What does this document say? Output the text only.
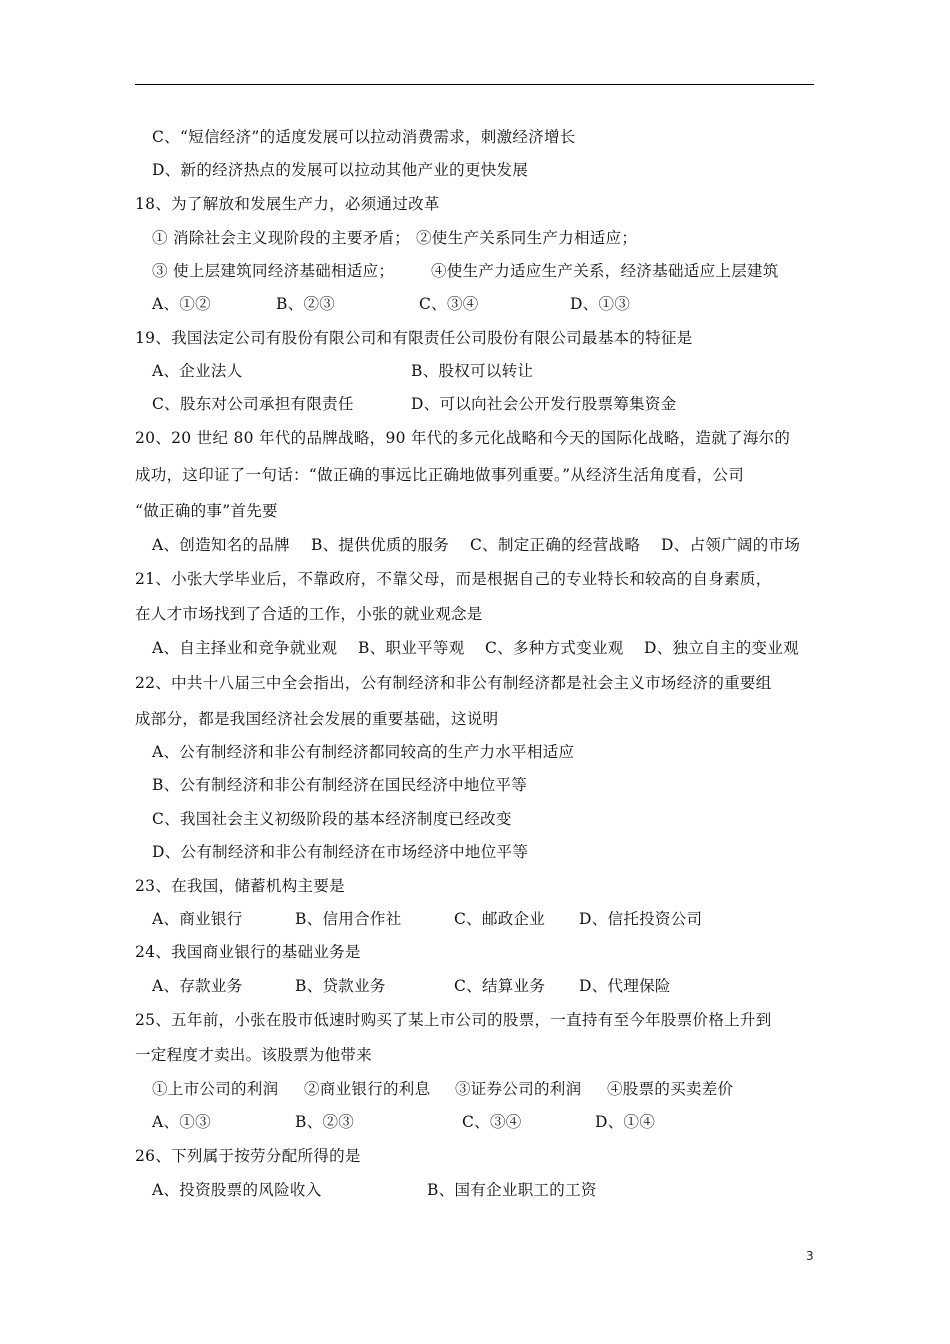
C、“短信经济”的适度发展可以拉动消费需求，刺激经济增长
D、新的经济热点的发展可以拉动其他产业的更快发展
18、为了解放和发展生产力，必须通过改革
① 消除社会主义现阶段的主要矛盾； ②使生产关系同生产力相适应；
③ 使上层建筑同经济基础相适应； ④使生产力适应生产关系，经济基础适应上层建筑
A、①②	B、②③	C、③④	D、①③
19、我国法定公司有股份有限公司和有限责任公司股份有限公司最基本的特征是
A、企业法人	B、股权可以转让
C、股东对公司承担有限责任	D、可以向社会公开发行股票筹集资金
20、20 世纪 80 年代的品牌战略，90 年代的多元化战略和今天的国际化战略，造就了海尔的
成功，这印证了一句话：“做正确的事远比正确地做事列重要。”从经济生活角度看，公司
“做正确的事”首先要
A、创造知名的品牌 B、提供优质的服务 C、制定正确的经营战略 D、占领广阔的市场
21、小张大学毕业后，不靠政府，不靠父母，而是根据自己的专业特长和较高的自身素质，
在人才市场找到了合适的工作，小张的就业观念是
A、自主择业和竞争就业观 B、职业平等观 C、多种方式变业观 D、独立自主的变业观
22、中共十八届三中全会指出，公有制经济和非公有制经济都是社会主义市场经济的重要组
成部分，都是我国经济社会发展的重要基础，这说明
A、公有制经济和非公有制经济都同较高的生产力水平相适应
B、公有制经济和非公有制经济在国民经济中地位平等
C、我国社会主义初级阶段的基本经济制度已经改变
D、公有制经济和非公有制经济在市场经济中地位平等
23、在我国，储蓄机构主要是
A、商业银行	B、信用合作社	C、邮政企业 D、信托投资公司
24、我国商业银行的基础业务是
A、存款业务	B、贷款业务	C、结算业务 D、代理保险
25、五年前，小张在股市低速时购买了某上市公司的股票，一直持有至今年股票价格上升到
一定程度才卖出。该股票为他带来
①上市公司的利润 ②商业银行的利息 ③证券公司的利润 ④股票的买卖差价
A、①③	B、②③	C、③④	D、①④
26、下列属于按劳分配所得的是
A、投资股票的风险收入	B、国有企业职工的工资
3
